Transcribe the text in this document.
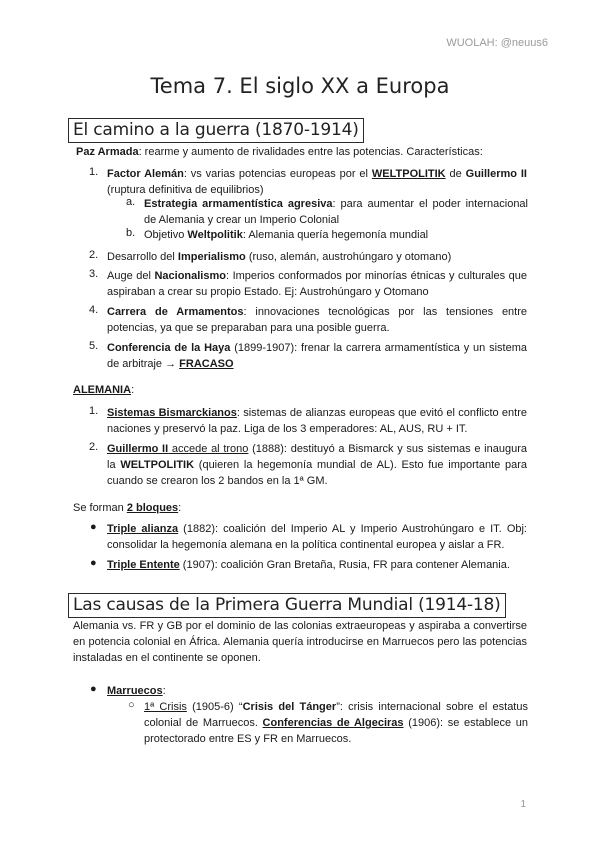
WUOLAH: @neuus6
Tema 7. El siglo XX a Europa
El camino a la guerra (1870-1914)
Paz Armada: rearme y aumento de rivalidades entre las potencias. Características:
1. Factor Alemán: vs varias potencias europeas por el WELTPOLITIK de Guillermo II (ruptura definitiva de equilibrios)
a. Estrategia armamentística agresiva: para aumentar el poder internacional de Alemania y crear un Imperio Colonial
b. Objetivo Weltpolitik: Alemania quería hegemonía mundial
2. Desarrollo del Imperialismo (ruso, alemán, austrohúngaro y otomano)
3. Auge del Nacionalismo: Imperios conformados por minorías étnicas y culturales que aspiraban a crear su propio Estado. Ej: Austrohúngaro y Otomano
4. Carrera de Armamentos: innovaciones tecnológicas por las tensiones entre potencias, ya que se preparaban para una posible guerra.
5. Conferencia de la Haya (1899-1907): frenar la carrera armamentística y un sistema de arbitraje → FRACASO
ALEMANIA:
1. Sistemas Bismarckianos: sistemas de alianzas europeas que evitó el conflicto entre naciones y preservó la paz. Liga de los 3 emperadores: AL, AUS, RU + IT.
2. Guillermo II accede al trono (1888): destituyó a Bismarck y sus sistemas e inaugura la WELTPOLITIK (quieren la hegemonía mundial de AL). Esto fue importante para cuando se crearon los 2 bandos en la 1ª GM.
Se forman 2 bloques:
● Triple alianza (1882): coalición del Imperio AL y Imperio Austrohúngaro e IT. Obj: consolidar la hegemonía alemana en la política continental europea y aislar a FR.
● Triple Entente (1907): coalición Gran Bretaña, Rusia, FR para contener Alemania.
Las causas de la Primera Guerra Mundial (1914-18)
Alemania vs. FR y GB por el dominio de las colonias extraeuropeas y aspiraba a convertirse en potencia colonial en África. Alemania quería introducirse en Marruecos pero las potencias instaladas en el continente se oponen.
● Marruecos:
○ 1ª Crisis (1905-6) “Crisis del Tánger”: crisis internacional sobre el estatus colonial de Marruecos. Conferencias de Algeciras (1906): se establece un protectorado entre ES y FR en Marruecos.
1
